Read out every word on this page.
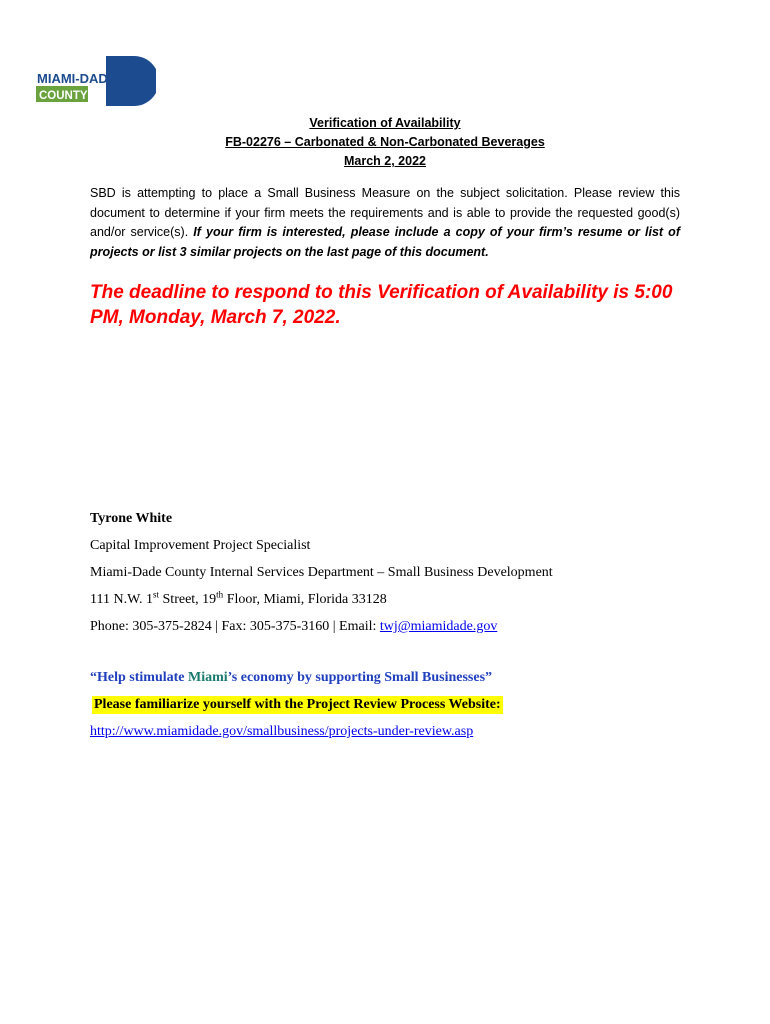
MIAMI-DADE
COUNTY
Verification of Availability
FB-02276 – Carbonated & Non-Carbonated Beverages
March 2, 2022
SBD is attempting to place a Small Business Measure on the subject solicitation. Please review this document to determine if your firm meets the requirements and is able to provide the requested good(s) and/or service(s). If your firm is interested, please include a copy of your firm’s resume or list of projects or list 3 similar projects on the last page of this document.
The deadline to respond to this Verification of Availability is 5:00 PM, Monday, March 7, 2022.
Tyrone White
Capital Improvement Project Specialist
Miami-Dade County Internal Services Department – Small Business Development
111 N.W. 1st Street, 19th Floor, Miami, Florida 33128
Phone: 305-375-2824 | Fax: 305-375-3160 | Email: twj@miamidade.gov
“Help stimulate Miami’s economy by supporting Small Businesses”
Please familiarize yourself with the Project Review Process Website:
http://www.miamidade.gov/smallbusiness/projects-under-review.asp
